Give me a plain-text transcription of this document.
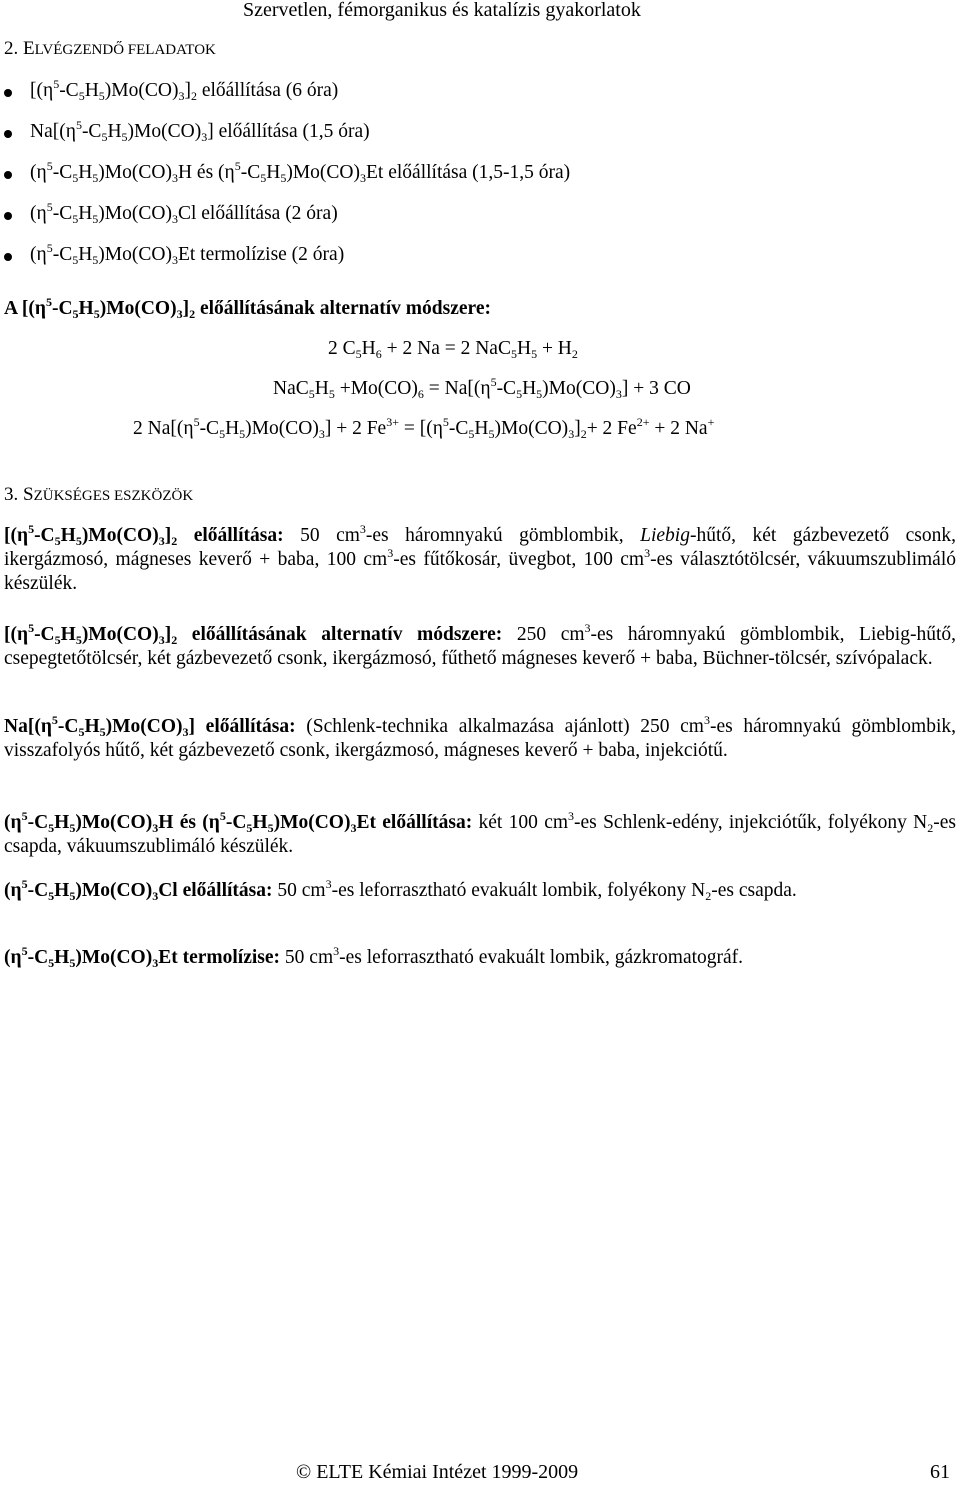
Szervetlen, fémorganikus és katalízis gyakorlatok
2. ELVÉGZENDŐ FELADATOK
$[(\eta^5-C_5H_5)Mo(CO)_3]_2$ előállítása (6 óra)
$Na[(\eta^5-C_5H_5)Mo(CO)_3]$ előállítása (1,5 óra)
$(\eta^5-C_5H_5)Mo(CO)_3H$ és $(\eta^5-C_5H_5)Mo(CO)_3Et$ előállítása (1,5-1,5 óra)
$(\eta^5-C_5H_5)Mo(CO)_3Cl$ előállítása (2 óra)
$(\eta^5-C_5H_5)Mo(CO)_3Et$ termolízise (2 óra)
A $[(\eta^5-C_5H_5)Mo(CO)_3]_2$ előállításának alternatív módszere:
2 $C_5H_6 + 2$ Na = 2 $NaC_5H_5 + H_2$
$NaC_5H_5 +Mo(CO)_6 = Na[(\eta^5-C_5H_5)Mo(CO)_3] + 3$ CO
2 $Na[(\eta^5-C_5H_5)Mo(CO)_3] + 2$ $Fe^{3+} = [(\eta^5-C_5H_5)Mo(CO)_3]_2+ 2$ $Fe^{2+} + 2$ Na+
3. SZÜKSÉGES ESZKÖZÖK
$[(\eta^5-C_5H_5)Mo(CO)_3]_2$ előállítása: 50 $cm^3-es$ háromnyakú gömblombik, Liebig-hűtő, két gázbevezető csonk, ikergázmosó, mágneses keverő + baba, 100 $cm^3-es$ fűtőkosár, üvegbot, 100 $cm^3-es$ választótölcsér, vákuumszublimáló készülék.
$[(\eta^5-C_5H_5)Mo(CO)_3]_2$ előállításának alternatív módszere: 250 $cm^3-es$ háromnyakú gömblombik, Liebig-hűtő, csepegtetőtölcsér, két gázbevezető csonk, ikergázmosó, fűthető mágneses keverő + baba, Büchner-tölcsér, szívópalack.
$Na[(\eta^5-C_5H_5)Mo(CO)_3]$ előállítása: (Schlenk-technika alkalmazása ajánlott) 250 $cm^3-es$ háromnyakú gömblombik, visszafolyós hűtő, két gázbevezető csonk, ikergázmosó, mágneses keverő + baba, injekciótű.
$(\eta^5-C_5H_5)Mo(CO)_3H$ és $(\eta^5-C_5H_5)Mo(CO)_3Et$ előállítása: két 100 $cm^3-es$ Schlenk-edény, injekciótűk, folyékony $N_2-es$ csapda, vákuumszublimáló készülék.
$(\eta^5-C_5H_5)Mo(CO)_3Cl$ előállítása: 50 $cm^3-es$ leforrasztható evakuált lombik, folyékony $N_2-es$ csapda.
$(\eta^5-C_5H_5)Mo(CO)_3Et$ termolízise: 50 $cm^3-es$ leforrasztható evakuált lombik, gázkromatográf.
© ELTE Kémiai Intézet 1999-2009	61
